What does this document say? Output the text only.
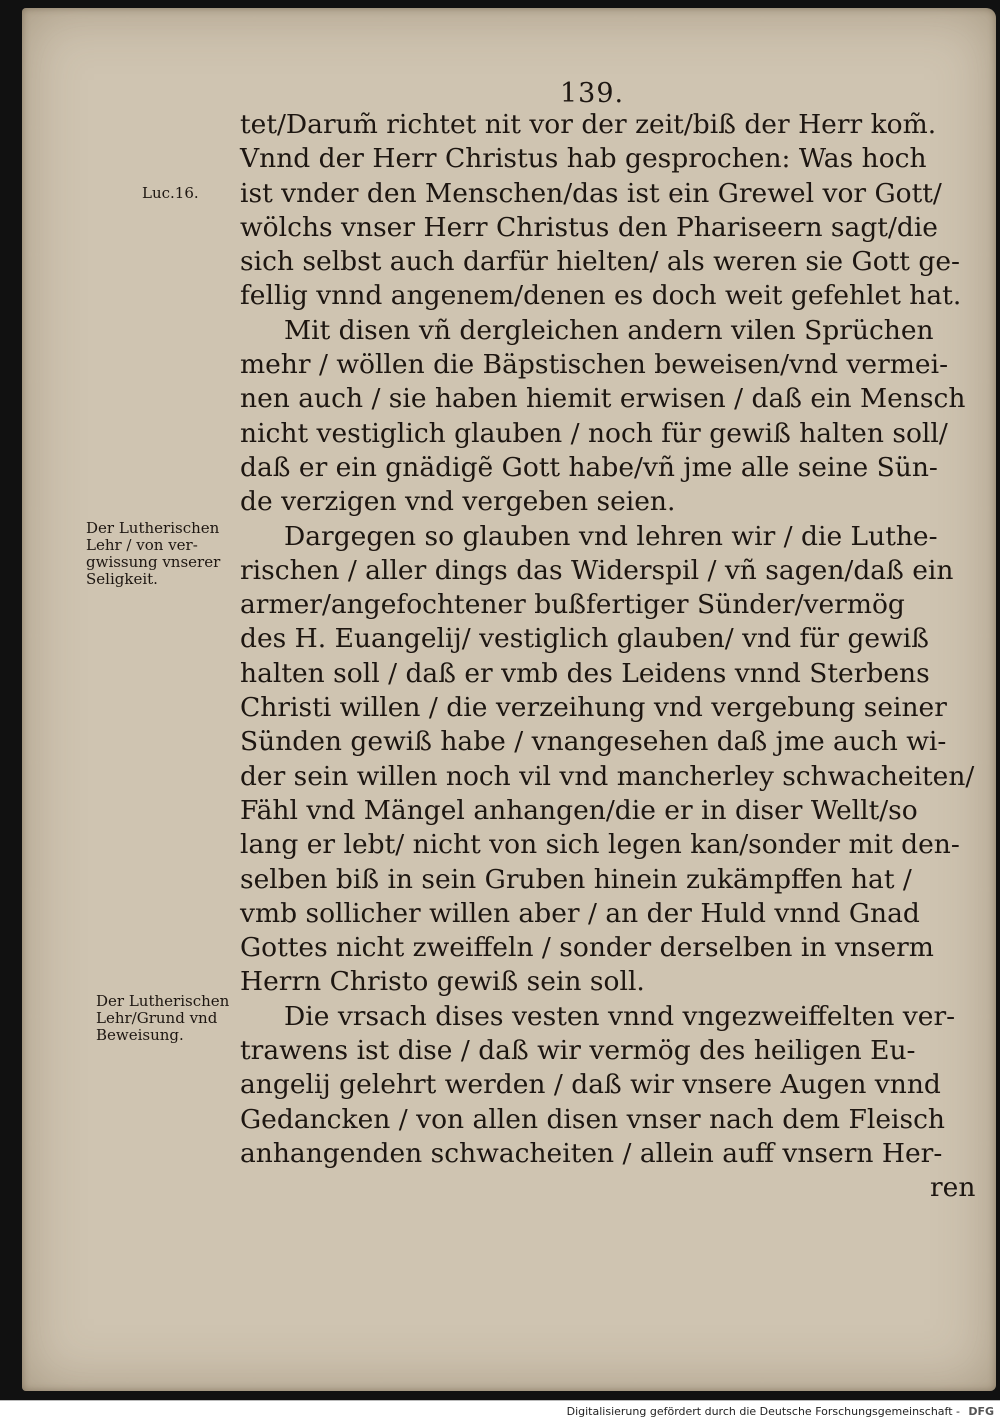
139.
tet/Darum̃ richtet nit vor der zeit/biß der Herr kom̃.
Vnnd der Herr Christus hab gesprochen: Was hoch
ist vnder den Menschen/das ist ein Grewel vor Gott/
wölchs vnser Herr Christus den Phariseern sagt/die
sich selbst auch darfür hielten/ als weren sie Gott ge-
fellig vnnd angenem/denen es doch weit gefehlet hat.
Mit disen vñ dergleichen andern vilen Sprüchen
mehr / wöllen die Bäpstischen beweisen/vnd vermei-
nen auch / sie haben hiemit erwisen / daß ein Mensch
nicht vestiglich glauben / noch für gewiß halten soll/
daß er ein gnädigẽ Gott habe/vñ jme alle seine Sün-
de verzigen vnd vergeben seien.
Dargegen so glauben vnd lehren wir / die Luthe-
rischen / aller dings das Widerspil / vñ sagen/daß ein
armer/angefochtener bußfertiger Sünder/vermög
des H. Euangelij/ vestiglich glauben/ vnd für gewiß
halten soll / daß er vmb des Leidens vnnd Sterbens
Christi willen / die verzeihung vnd vergebung seiner
Sünden gewiß habe / vnangesehen daß jme auch wi-
der sein willen noch vil vnd mancherley schwacheiten/
Fähl vnd Mängel anhangen/die er in diser Wellt/so
lang er lebt/ nicht von sich legen kan/sonder mit den-
selben biß in sein Gruben hinein zukämpffen hat /
vmb sollicher willen aber / an der Huld vnnd Gnad
Gottes nicht zweiffeln / sonder derselben in vnserm
Herrn Christo gewiß sein soll.
Die vrsach dises vesten vnnd vngezweiffelten ver-
trawens ist dise / daß wir vermög des heiligen Eu-
angelij gelehrt werden / daß wir vnsere Augen vnnd
Gedancken / von allen disen vnser nach dem Fleisch
anhangenden schwacheiten / allein auff vnsern Her-
ren
Luc.16.
Der Lutherischen
Lehr / von ver-
gwissung vnserer
Seligkeit.
Der Lutherischen
Lehr/Grund vnd
Beweisung.
Digitalisierung gefördert durch die Deutsche Forschungsgemeinschaft - DFG
